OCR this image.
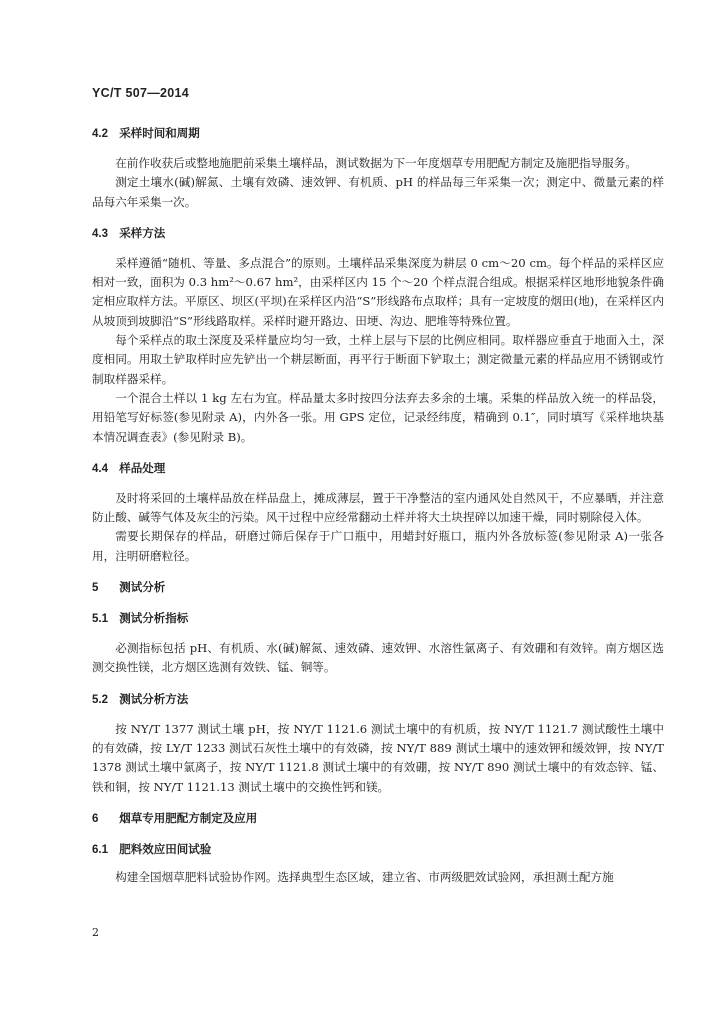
YC/T 507—2014
4.2 采样时间和周期

在前作收获后或整地施肥前采集土壤样品，测试数据为下一年度烟草专用肥配方制定及施肥指导服务。

测定土壤水(碱)解氮、土壤有效磷、速效钾、有机质、pH 的样品每三年采集一次；测定中、微量元素的样品每六年采集一次。

4.3 采样方法

采样遵循“随机、等量、多点混合”的原则。土壤样品采集深度为耕层 0 cm～20 cm。每个样品的采样区应相对一致，面积为 0.3 hm²～0.67 hm²，由采样区内 15 个～20 个样点混合组成。根据采样区地形地貌条件确定相应取样方法。平原区、坝区(平坝)在采样区内沿“S”形线路布点取样；具有一定坡度的烟田(地)，在采样区内从坡顶到坡脚沿“S”形线路取样。采样时避开路边、田埂、沟边、肥堆等特殊位置。

每个采样点的取土深度及采样量应均匀一致，土样上层与下层的比例应相同。取样器应垂直于地面入土，深度相同。用取土铲取样时应先铲出一个耕层断面，再平行于断面下铲取土；测定微量元素的样品应用不锈钢或竹制取样器采样。

一个混合土样以 1 kg 左右为宜。样品量太多时按四分法弃去多余的土壤。采集的样品放入统一的样品袋，用铅笔写好标签(参见附录 A)，内外各一张。用 GPS 定位，记录经纬度，精确到 0.1″，同时填写《采样地块基本情况调查表》(参见附录 B)。

4.4 样品处理

及时将采回的土壤样品放在样品盘上，摊成薄层，置于干净整洁的室内通风处自然风干，不应暴晒，并注意防止酸、碱等气体及灰尘的污染。风干过程中应经常翻动土样并将大土块捏碎以加速干燥，同时剔除侵入体。

需要长期保存的样品，研磨过筛后保存于广口瓶中，用蜡封好瓶口，瓶内外各放标签(参见附录 A)一张各用，注明研磨粒径。

5 测试分析
5.1 测试分析指标

必测指标包括 pH、有机质、水(碱)解氮、速效磷、速效钾、水溶性氯离子、有效硼和有效锌。南方烟区选测交换性镁，北方烟区选测有效铁、锰、铜等。

5.2 测试分析方法

按 NY/T 1377 测试土壤 pH，按 NY/T 1121.6 测试土壤中的有机质，按 NY/T 1121.7 测试酸性土壤中的有效磷，按 LY/T 1233 测试石灰性土壤中的有效磷，按 NY/T 889 测试土壤中的速效钾和缓效钾，按 NY/T 1378 测试土壤中氯离子，按 NY/T 1121.8 测试土壤中的有效硼，按 NY/T 890 测试土壤中的有效态锌、锰、铁和铜，按 NY/T 1121.13 测试土壤中的交换性钙和镁。

6 烟草专用肥配方制定及应用
6.1 肥料效应田间试验

构建全国烟草肥料试验协作网。选择典型生态区域，建立省、市两级肥效试验网，承担测土配方施

2
